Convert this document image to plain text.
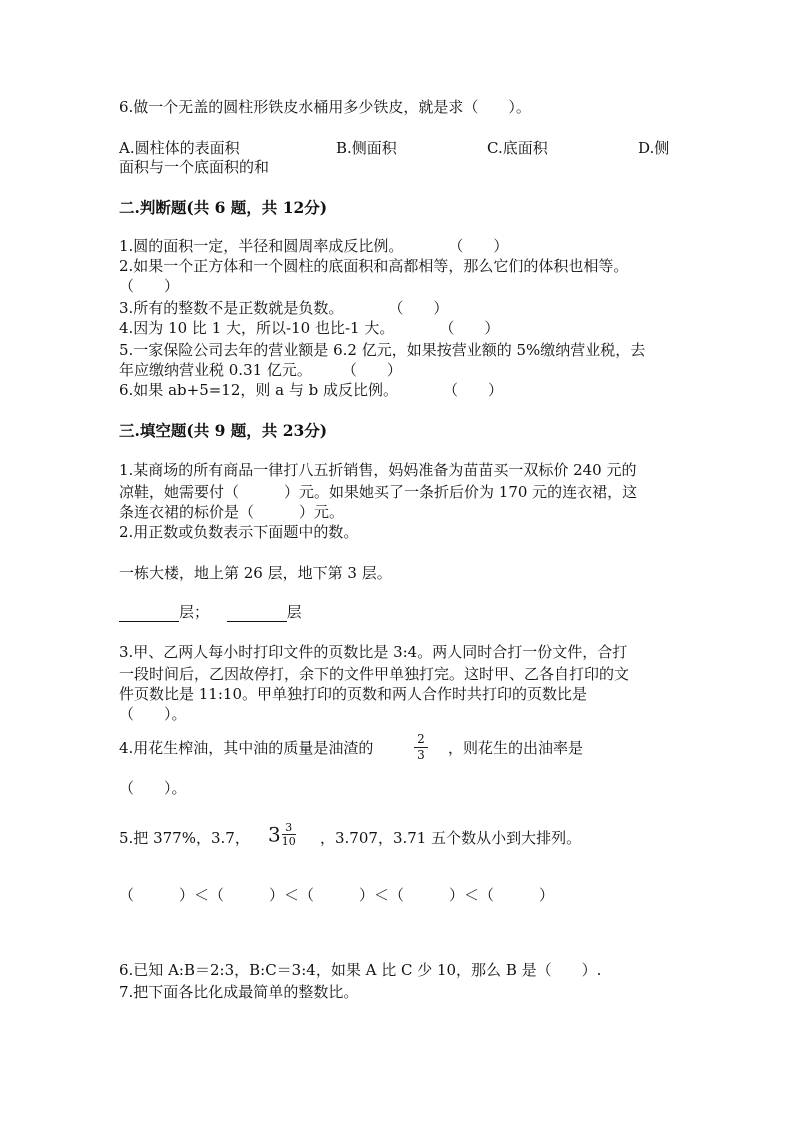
6.做一个无盖的圆柱形铁皮水桶用多少铁皮，就是求（　　）。
A.圆柱体的表面积	B.侧面积	C.底面积	D.侧
面积与一个底面积的和
二.判断题(共 6 题，共 12分)
1.圆的面积一定，半径和圆周率成反比例。　　　　（　　）
2.如果一个正方体和一个圆柱的底面积和高都相等，那么它们的体积也相等。
（　　）
3.所有的整数不是正数就是负数。　　　　（　　）
4.因为 10 比 1 大，所以-10 也比-1 大。　　　　（　　）
5.一家保险公司去年的营业额是 6.2 亿元，如果按营业额的 5%缴纳营业税，去
年应缴纳营业税 0.31 亿元。　　　（　　）
6.如果 ab+5=12，则 a 与 b 成反比例。　　　　（　　）
三.填空题(共 9 题，共 23分)
1.某商场的所有商品一律打八五折销售，妈妈准备为苗苗买一双标价 240 元的
凉鞋，她需要付（　　　）元。如果她买了一条折后价为 170 元的连衣裙，这
条连衣裙的标价是（　　　）元。
2.用正数或负数表示下面题中的数。
一栋大楼，地上第 26 层，地下第 3 层。
层；	层
3.甲、乙两人每小时打印文件的页数比是 3:4。两人同时合打一份文件，合打
一段时间后，乙因故停打，余下的文件甲单独打完。这时甲、乙各自打印的文
件页数比是 11:10。甲单独打印的页数和两人合作时共打印的页数比是
（　　）。
4.用花生榨油，其中油的质量是油渣的	2
3 ，则花生的出油率是
（　　）。
5.把 377%，3.7， $3 \frac{3}{10}$ ，3.707，3.71 五个数从小到大排列。
（　　　）＜（　　　）＜（　　　）＜（　　　）＜（　　　）
6.已知 A:B＝2:3，B:C＝3:4，如果 A 比 C 少 10，那么 B 是（　　）.
7.把下面各比化成最简单的整数比。
